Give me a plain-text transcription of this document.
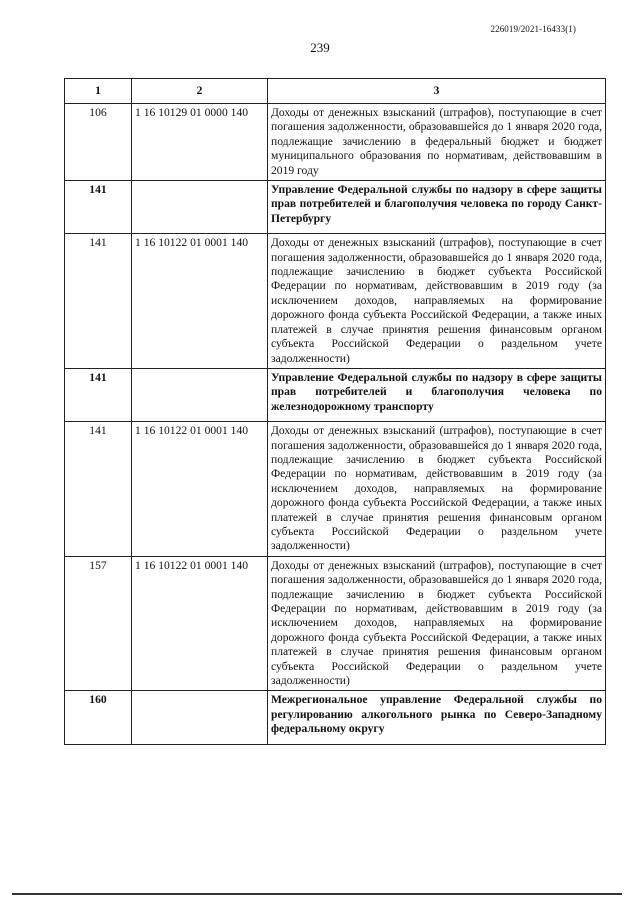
226019/2021-16433(1)
239
1	2	3
106	1 16 10129 01 0000 140	Доходы от денежных взысканий (штрафов), поступающие в счет погашения задолженности, образовавшейся до 1 января 2020 года, подлежащие зачислению в федеральный бюджет и бюджет муниципального образования по нормативам, действовавшим в 2019 году
141		Управление Федеральной службы по надзору в сфере защиты прав потребителей и благополучия человека по городу Санкт-Петербургу
141	1 16 10122 01 0001 140	Доходы от денежных взысканий (штрафов), поступающие в счет погашения задолженности, образовавшейся до 1 января 2020 года, подлежащие зачислению в бюджет субъекта Российской Федерации по нормативам, действовавшим в 2019 году (за исключением доходов, направляемых на формирование дорожного фонда субъекта Российской Федерации, а также иных платежей в случае принятия решения финансовым органом субъекта Российской Федерации о раздельном учете задолженности)
141		Управление Федеральной службы по надзору в сфере защиты прав потребителей и благополучия человека по железнодорожному транспорту
141	1 16 10122 01 0001 140	Доходы от денежных взысканий (штрафов), поступающие в счет погашения задолженности, образовавшейся до 1 января 2020 года, подлежащие зачислению в бюджет субъекта Российской Федерации по нормативам, действовавшим в 2019 году (за исключением доходов, направляемых на формирование дорожного фонда субъекта Российской Федерации, а также иных платежей в случае принятия решения финансовым органом субъекта Российской Федерации о раздельном учете задолженности)
157	1 16 10122 01 0001 140	Доходы от денежных взысканий (штрафов), поступающие в счет погашения задолженности, образовавшейся до 1 января 2020 года, подлежащие зачислению в бюджет субъекта Российской Федерации по нормативам, действовавшим в 2019 году (за исключением доходов, направляемых на формирование дорожного фонда субъекта Российской Федерации, а также иных платежей в случае принятия решения финансовым органом субъекта Российской Федерации о раздельном учете задолженности)
160		Межрегиональное управление Федеральной службы по регулированию алкогольного рынка по Северо-Западному федеральному округу
